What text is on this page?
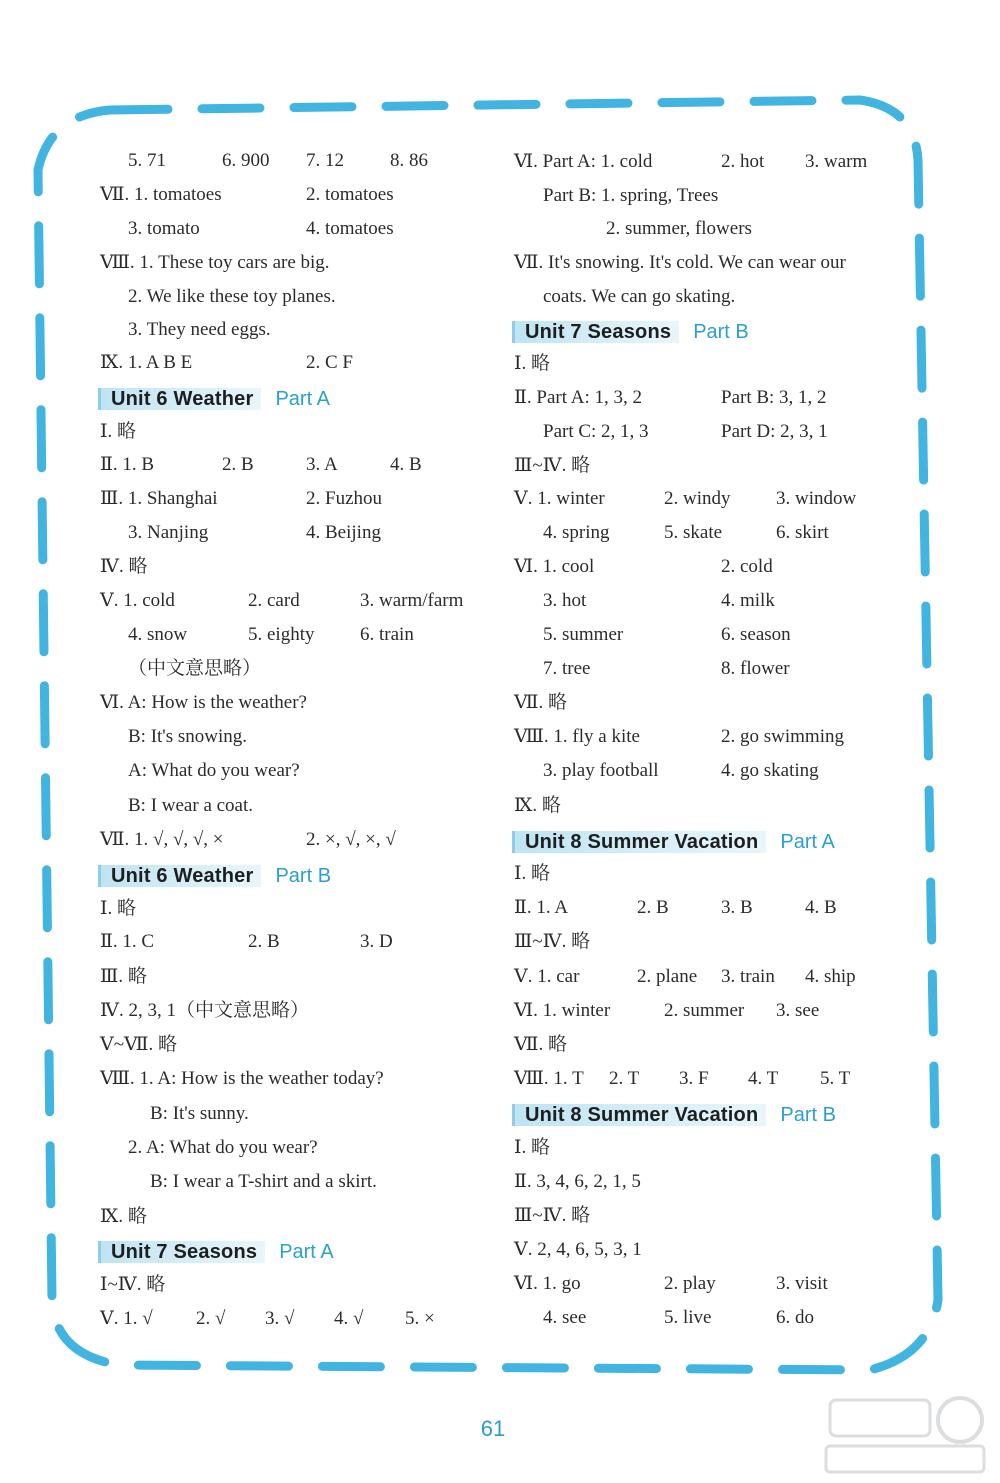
5. 71	6. 900 7. 12 8. 86
Ⅶ. 1. tomatoes	2. tomatoes
3. tomato	4. tomatoes
Ⅷ. 1. These toy cars are big.
2. We like these toy planes.
3. They need eggs.
Ⅸ. 1. A B E	2. C F
Unit 6 Weather	Part A
Ⅰ. 略
Ⅱ. 1. B	2. B	3. A	4. B
Ⅲ. 1. Shanghai	2. Fuzhou
3. Nanjing	4. Beijing
Ⅳ. 略
Ⅴ. 1. cold	2. card	3. warm/farm
4. snow	5. eighty 6. train
（中文意思略）
Ⅵ. A: How is the weather?
B: It's snowing.
A: What do you wear?
B: I wear a coat.
Ⅶ. 1. √, √, √, ×	2. ×, √, ×, √
Unit 6 Weather	Part B
Ⅰ. 略
Ⅱ. 1. C	2. B	3. D
Ⅲ. 略
Ⅳ. 2, 3, 1（中文意思略）
Ⅴ~Ⅶ. 略
Ⅷ. 1. A: How is the weather today?
B: It's sunny.
2. A: What do you wear?
B: I wear a T-shirt and a skirt.
Ⅸ. 略
Unit 7 Seasons	Part A
Ⅰ~Ⅳ. 略
Ⅴ. 1. √ 2. √ 3. √ 4. √ 5. ×
Ⅵ. Part A: 1. cold	2. hot 3. warm
Part B: 1. spring, Trees
2. summer, flowers
Ⅶ. It's snowing. It's cold. We can wear our
coats. We can go skating.
Unit 7 Seasons	Part B
Ⅰ. 略
Ⅱ. Part A: 1, 3, 2	Part B: 3, 1, 2
Part C: 2, 1, 3	Part D: 2, 3, 1
Ⅲ~Ⅳ. 略
Ⅴ. 1. winter	2. windy 3. window
4. spring	5. skate	6. skirt
Ⅵ. 1. cool	2. cold
3. hot	4. milk
5. summer	6. season
7. tree	8. flower
Ⅶ. 略
Ⅷ. 1. fly a kite	2. go swimming
3. play football	4. go skating
Ⅸ. 略
Unit 8 Summer Vacation	Part A
Ⅰ. 略
Ⅱ. 1. A	2. B	3. B	4. B
Ⅲ~Ⅳ. 略
Ⅴ. 1. car	2. plane 3. train 4. ship
Ⅵ. 1. winter	2. summer 3. see
Ⅶ. 略
Ⅷ. 1. T 2. T 3. F 4. T 5. T
Unit 8 Summer Vacation	Part B
Ⅰ. 略
Ⅱ. 3, 4, 6, 2, 1, 5
Ⅲ~Ⅳ. 略
Ⅴ. 2, 4, 6, 5, 3, 1
Ⅵ. 1. go	2. play	3. visit
4. see	5. live	6. do
61
